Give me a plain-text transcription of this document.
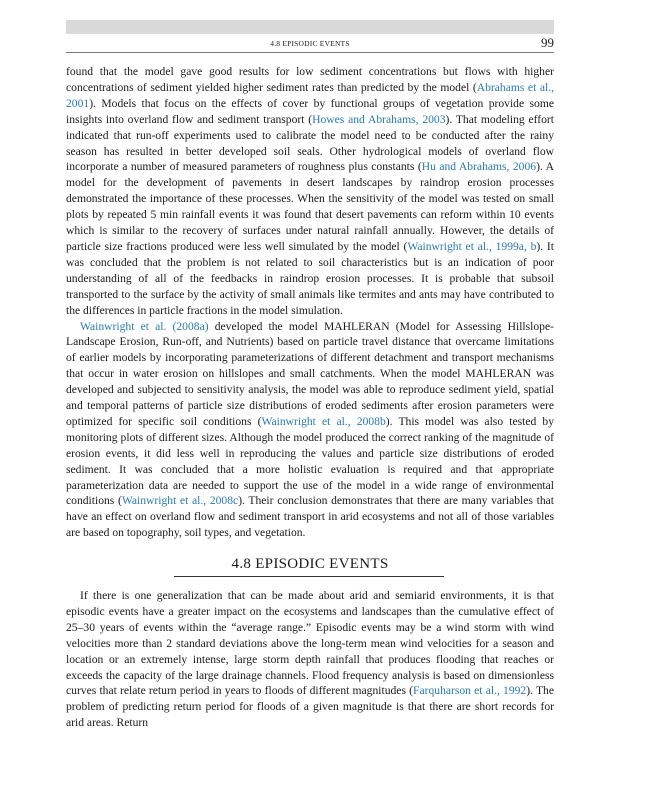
4.8 EPISODIC EVENTS	99

found that the model gave good results for low sediment concentrations but flows with higher concentrations of sediment yielded higher sediment rates than predicted by the model (Abrahams et al., 2001). Models that focus on the effects of cover by functional groups of vegetation provide some insights into overland flow and sediment transport (Howes and Abrahams, 2003). That modeling effort indicated that run-off experiments used to calibrate the model need to be conducted after the rainy season has resulted in better developed soil seals. Other hydrological models of overland flow incorporate a number of measured parameters of roughness plus constants (Hu and Abrahams, 2006). A model for the development of pavements in desert landscapes by raindrop erosion processes demonstrated the importance of these processes. When the sensitivity of the model was tested on small plots by repeated 5 min rainfall events it was found that desert pavements can reform within 10 events which is similar to the recovery of surfaces under natural rainfall annually. However, the details of particle size fractions produced were less well simulated by the model (Wainwright et al., 1999a, b). It was concluded that the problem is not related to soil characteristics but is an indication of poor understanding of all of the feedbacks in raindrop erosion processes. It is probable that subsoil transported to the surface by the activity of small animals like termites and ants may have contributed to the differences in particle fractions in the model simulation.

Wainwright et al. (2008a) developed the model MAHLERAN (Model for Assessing Hillslope-Landscape Erosion, Run-off, and Nutrients) based on particle travel distance that overcame limitations of earlier models by incorporating parameterizations of different detachment and transport mechanisms that occur in water erosion on hillslopes and small catchments. When the model MAHLERAN was developed and subjected to sensitivity analysis, the model was able to reproduce sediment yield, spatial and temporal patterns of particle size distributions of eroded sediments after erosion parameters were optimized for specific soil conditions (Wainwright et al., 2008b). This model was also tested by monitoring plots of different sizes. Although the model produced the correct ranking of the magnitude of erosion events, it did less well in reproducing the values and particle size distributions of eroded sediment. It was concluded that a more holistic evaluation is required and that appropriate parameterization data are needed to support the use of the model in a wide range of environmental conditions (Wainwright et al., 2008c). Their conclusion demonstrates that there are many variables that have an effect on overland flow and sediment transport in arid ecosystems and not all of those variables are based on topography, soil types, and vegetation.

4.8 EPISODIC EVENTS

If there is one generalization that can be made about arid and semiarid environments, it is that episodic events have a greater impact on the ecosystems and landscapes than the cumulative effect of 25–30 years of events within the “average range.” Episodic events may be a wind storm with wind velocities more than 2 standard deviations above the long-term mean wind velocities for a season and location or an extremely intense, large storm depth rainfall that produces flooding that reaches or exceeds the capacity of the large drainage channels. Flood frequency analysis is based on dimensionless curves that relate return period in years to floods of different magnitudes (Farquharson et al., 1992). The problem of predicting return period for floods of a given magnitude is that there are short records for arid areas. Return
